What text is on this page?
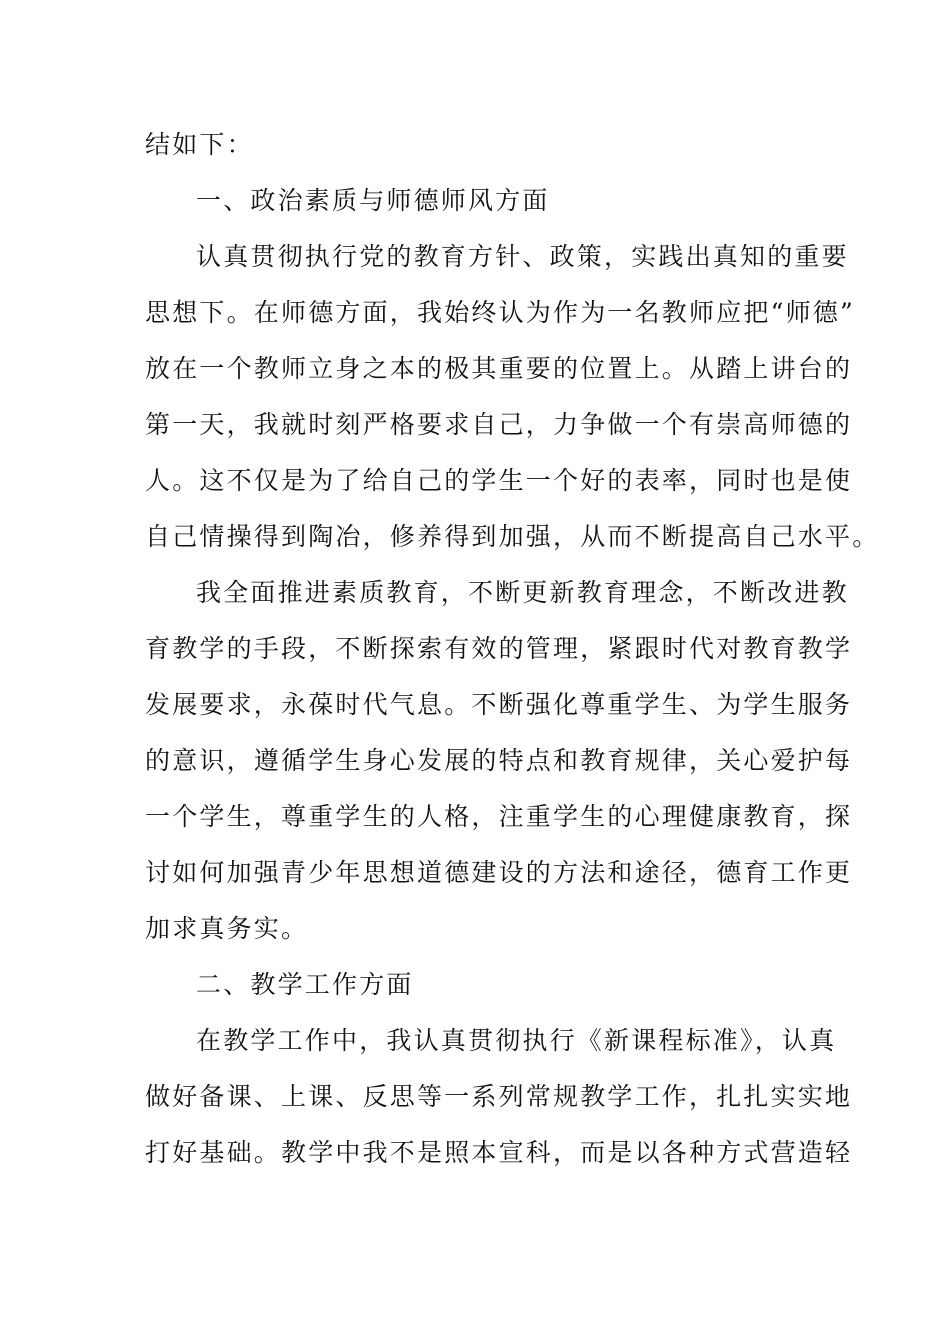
结如下：

一、政治素质与师德师风方面

认真贯彻执行党的教育方针、政策，实践出真知的重要

思想下。在师德方面，我始终认为作为一名教师应把“师德”

放在一个教师立身之本的极其重要的位置上。从踏上讲台的

第一天，我就时刻严格要求自己，力争做一个有崇高师德的

人。这不仅是为了给自己的学生一个好的表率，同时也是使

自己情操得到陶冶，修养得到加强，从而不断提高自己水平。

我全面推进素质教育，不断更新教育理念，不断改进教

育教学的手段，不断探索有效的管理，紧跟时代对教育教学

发展要求，永葆时代气息。不断强化尊重学生、为学生服务

的意识，遵循学生身心发展的特点和教育规律，关心爱护每

一个学生，尊重学生的人格，注重学生的心理健康教育，探

讨如何加强青少年思想道德建设的方法和途径，德育工作更

加求真务实。

二、教学工作方面

在教学工作中，我认真贯彻执行《新课程标准》，认真

做好备课、上课、反思等一系列常规教学工作，扎扎实实地

打好基础。教学中我不是照本宣科，而是以各种方式营造轻
